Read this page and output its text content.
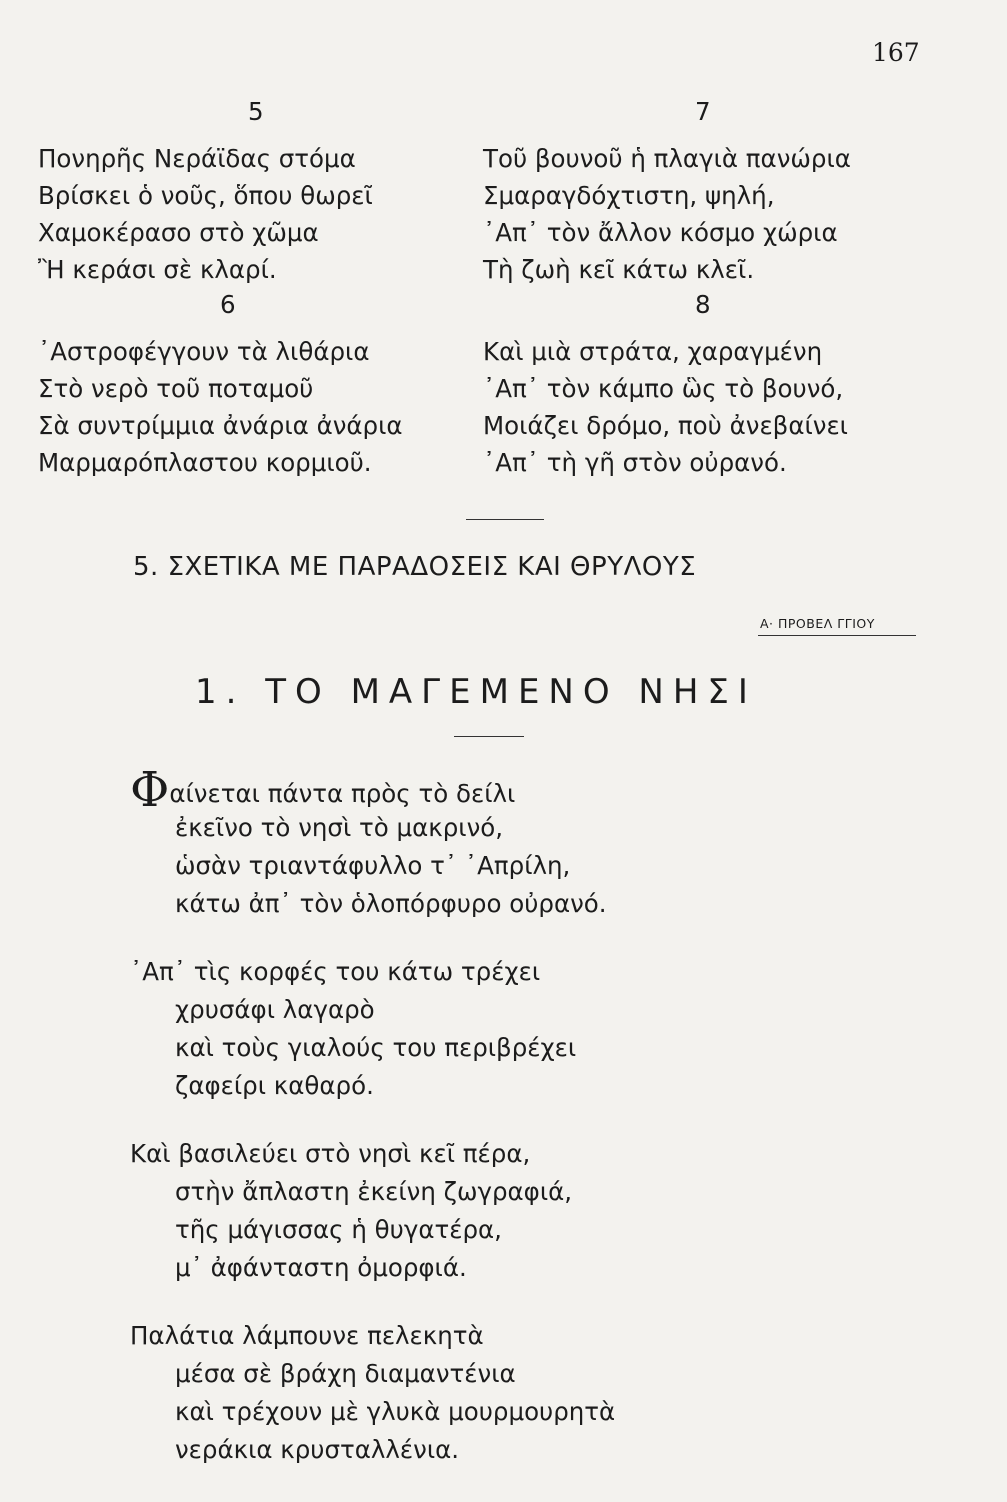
167
5
Πονηρῆς Νεράϊδας στόμα
Βρίσκει ὁ νοῦς, ὅπου θωρεῖ
Χαμοκέρασο στὸ χῶμα
Ἢ κεράσι σὲ κλαρί.
6
᾽Αστροφέγγουν τὰ λιθάρια
Στὸ νερὸ τοῦ ποταμοῦ
Σὰ συντρίμμια ἀνάρια ἀνάρια
Μαρμαρόπλαστου κορμιοῦ.
7
Τοῦ βουνοῦ ἡ πλαγιὰ πανώρια
Σμαραγδόχτιστη, ψηλή,
᾽Απ᾽ τὸν ἄλλον κόσμο χώρια
Τὴ ζωὴ κεῖ κάτω κλεῖ.
8
Καὶ μιὰ στράτα, χαραγμένη
᾽Απ᾽ τὸν κάμπο ὣς τὸ βουνό,
Μοιάζει δρόμο, ποὺ ἀνεβαίνει
᾽Απ᾽ τὴ γῆ στὸν οὐρανό.
5. ΣΧΕΤΙΚΑ ΜΕ ΠΑΡΑΔΟΣΕΙΣ ΚΑΙ ΘΡΥΛΟΥΣ
Α· ΠΡΟΒΕΛ ΓΓΙΟΥ
1. ΤΟ ΜΑΓΕΜΕΝΟ ΝΗΣΙ
Φαίνεται πάντα πρὸς τὸ δείλι
ἐκεῖνο τὸ νησὶ τὸ μακρινό,
ὡσὰν τριαντάφυλλο τ᾽ ᾽Απρίλη,
κάτω ἀπ᾽ τὸν ὁλοπόρφυρο οὐρανό.
᾽Απ᾽ τὶς κορφές του κάτω τρέχει
χρυσάφι λαγαρὸ
καὶ τοὺς γιαλούς του περιβρέχει
ζαφείρι καθαρό.
Καὶ βασιλεύει στὸ νησὶ κεῖ πέρα,
στὴν ἄπλαστη ἐκείνη ζωγραφιά,
τῆς μάγισσας ἡ θυγατέρα,
μ᾽ ἀφάνταστη ὀμορφιά.
Παλάτια λάμπουνε πελεκητὰ
μέσα σὲ βράχη διαμαντένια
καὶ τρέχουν μὲ γλυκὰ μουρμουρητὰ
νεράκια κρυσταλλένια.
